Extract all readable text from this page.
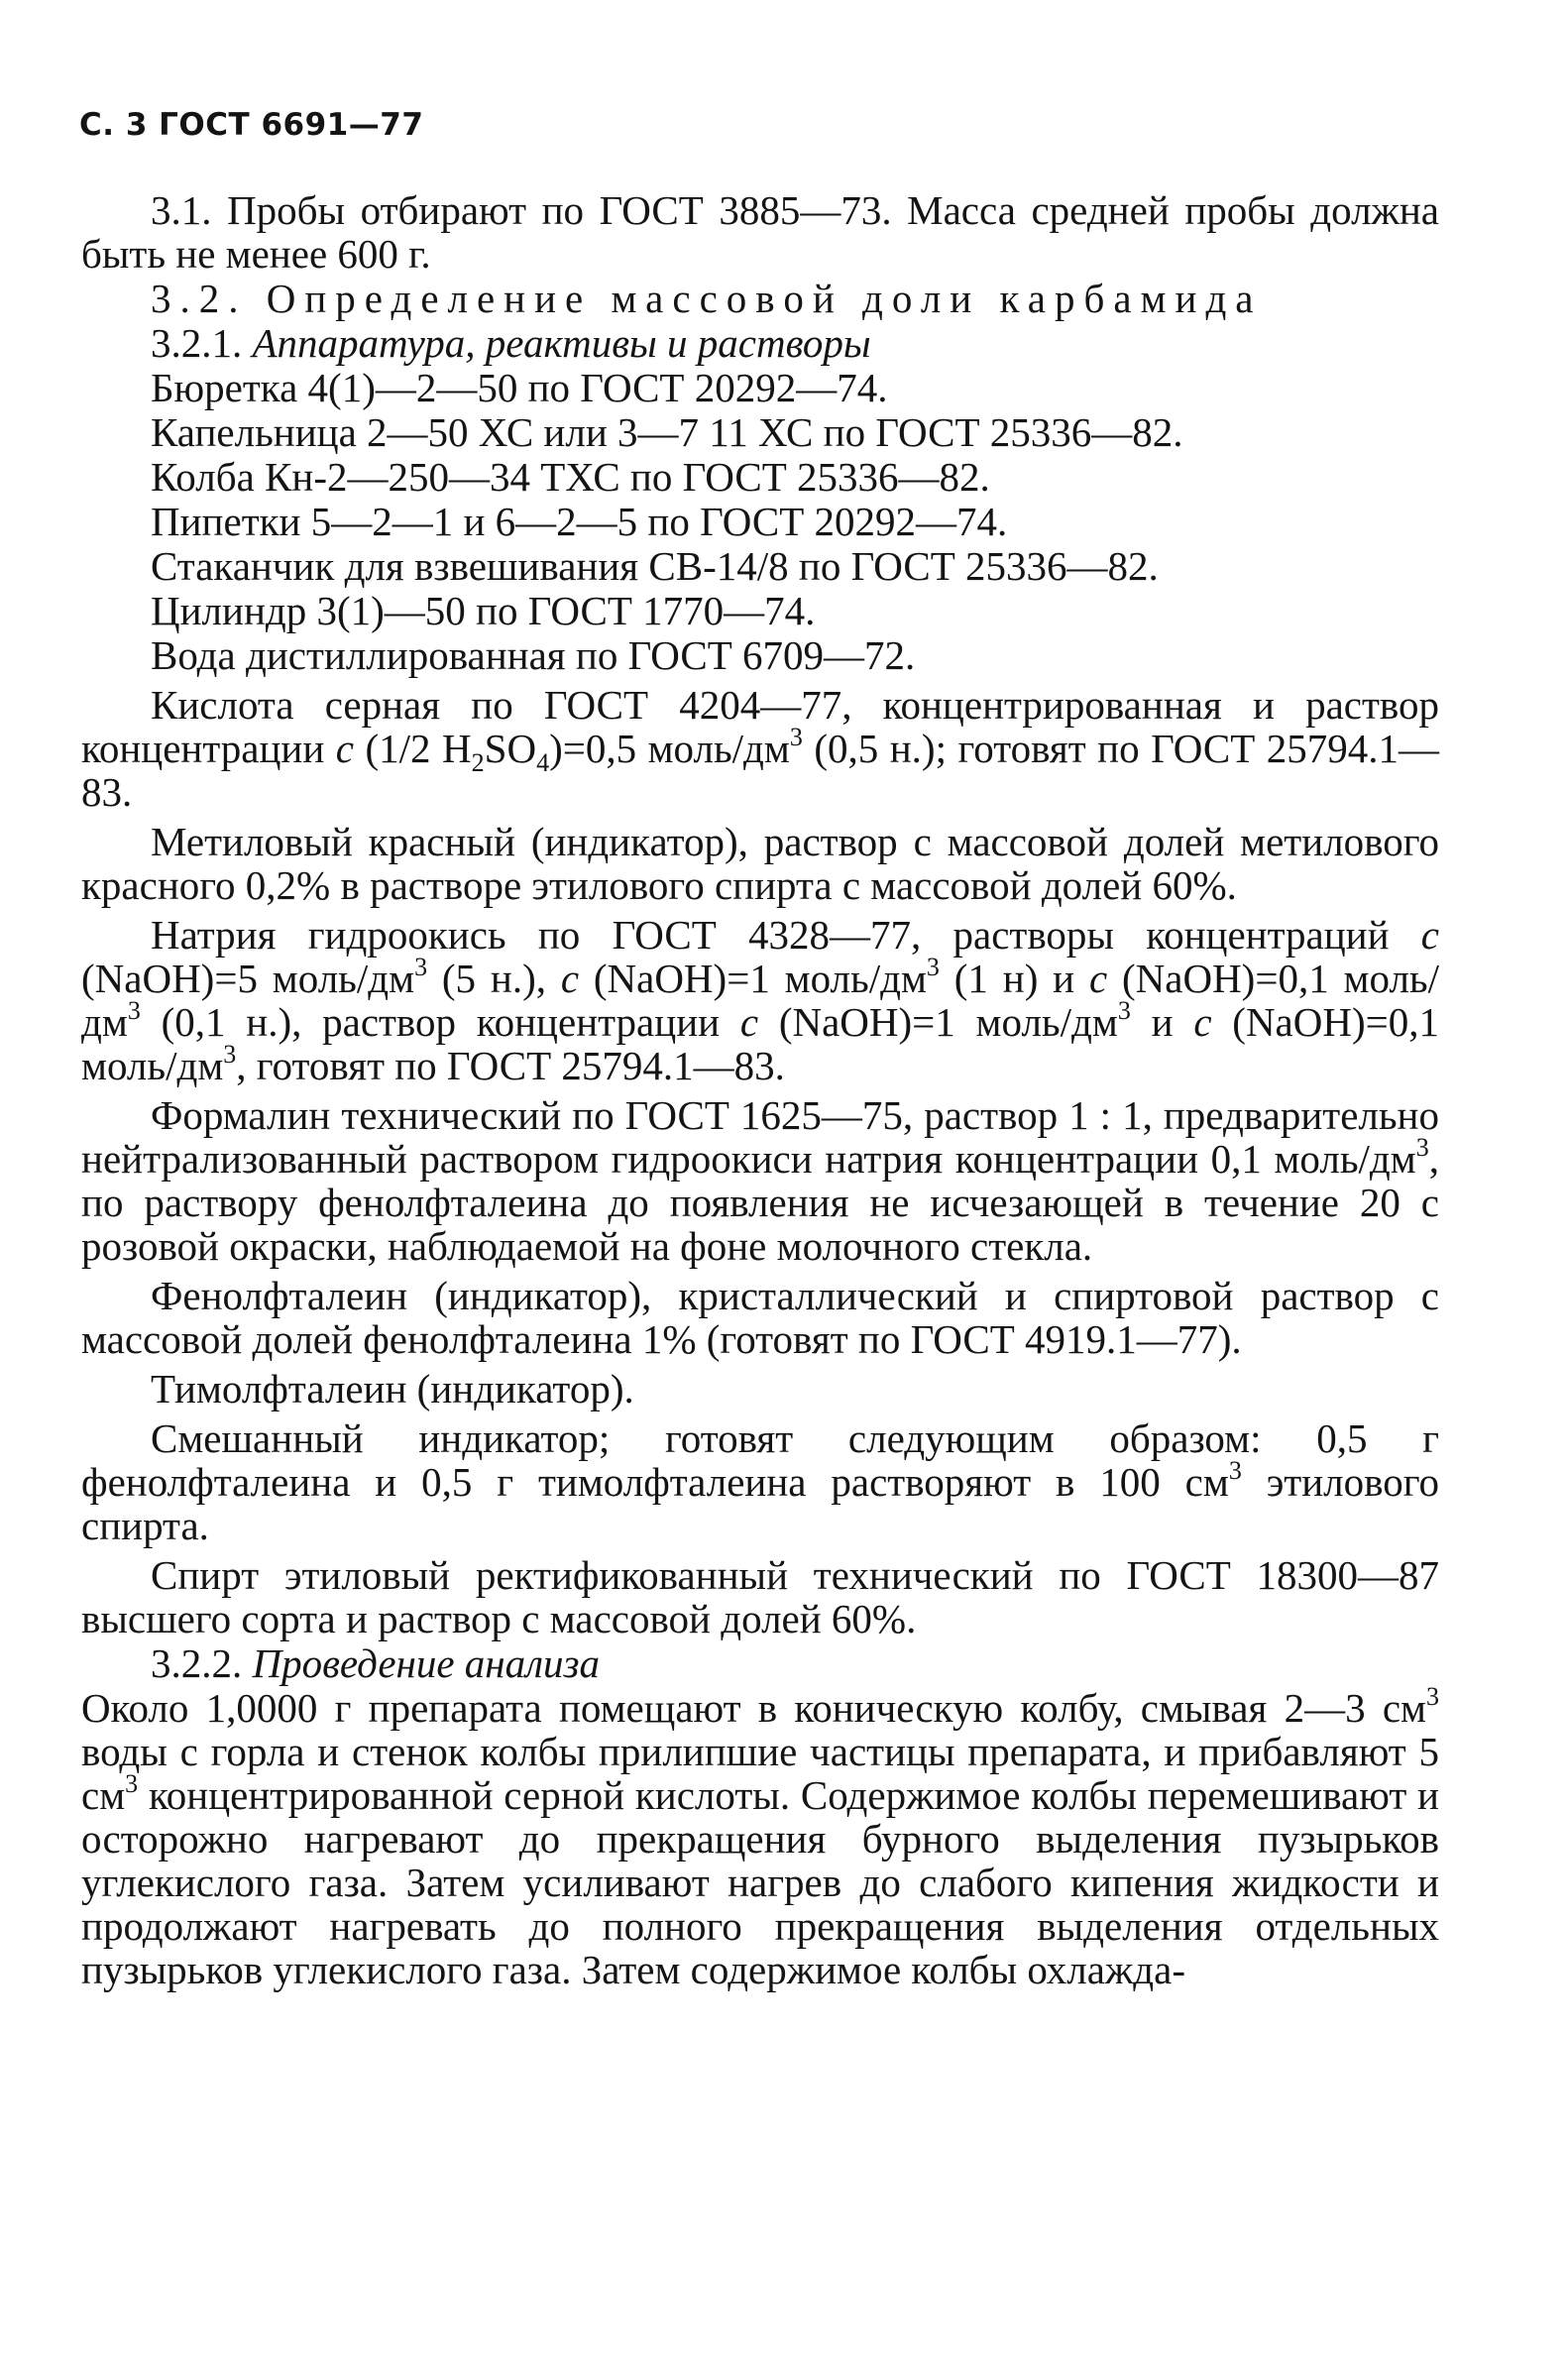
С. 3 ГОСТ 6691—77

3.1. Пробы отбирают по ГОСТ 3885—73. Масса средней пробы должна быть не менее 600 г.

3.2. Определение массовой доли карбамида

3.2.1. Аппаратура, реактивы и растворы

Бюретка 4(1)—2—50 по ГОСТ 20292—74.

Капельница 2—50 ХС или 3—7 11 ХС по ГОСТ 25336—82.

Колба Кн-2—250—34 ТХС по ГОСТ 25336—82.

Пипетки 5—2—1 и 6—2—5 по ГОСТ 20292—74.

Стаканчик для взвешивания СВ-14/8 по ГОСТ 25336—82.

Цилиндр 3(1)—50 по ГОСТ 1770—74.

Вода дистиллированная по ГОСТ 6709—72.

Кислота серная по ГОСТ 4204—77, концентрированная и раствор концентрации c (1/2 $H_2SO_4)=0,5$ моль/$дм^3$ (0,5 н.); готовят по ГОСТ 25794.1—83.

Метиловый красный (индикатор), раствор с массовой долей метилового красного 0,2% в растворе этилового спирта с массовой долей 60%.

Натрия гидроокись по ГОСТ 4328—77, растворы концентраций c (NaOH)=5 моль/$дм^3$ (5 н.), c (NaOH)=1 моль/$дм^3$ (1 н) и c (NaOH)=0,1 моль/$дм^3$ (0,1 н.), раствор концентрации c (NaOH)=1 моль/$дм^3$ и c (NaOH)=0,1 моль/$дм^3$, готовят по ГОСТ 25794.1—83.

Формалин технический по ГОСТ 1625—75, раствор 1 : 1, предварительно нейтрализованный раствором гидроокиси натрия концентрации 0,1 моль/$дм^3$, по раствору фенолфталеина до появления не исчезающей в течение 20 с розовой окраски, наблюдаемой на фоне молочного стекла.

Фенолфталеин (индикатор), кристаллический и спиртовой раствор с массовой долей фенолфталеина 1% (готовят по ГОСТ 4919.1—77).

Тимолфталеин (индикатор).

Смешанный индикатор; готовят следующим образом: 0,5 г фенолфталеина и 0,5 г тимолфталеина растворяют в 100 $см^3$ этилового спирта.

Спирт этиловый ректификованный технический по ГОСТ 18300—87 высшего сорта и раствор с массовой долей 60%.

3.2.2. Проведение анализа

Около 1,0000 г препарата помещают в коническую колбу, смывая 2—3 $см^3$ воды с горла и стенок колбы прилипшие частицы препарата, и прибавляют 5 $см^3$ концентрированной серной кислоты. Содержимое колбы перемешивают и осторожно нагревают до прекращения бурного выделения пузырьков углекислого газа. Затем усиливают нагрев до слабого кипения жидкости и продолжают нагревать до полного прекращения выделения отдельных пузырьков углекислого газа. Затем содержимое колбы охлажда-
